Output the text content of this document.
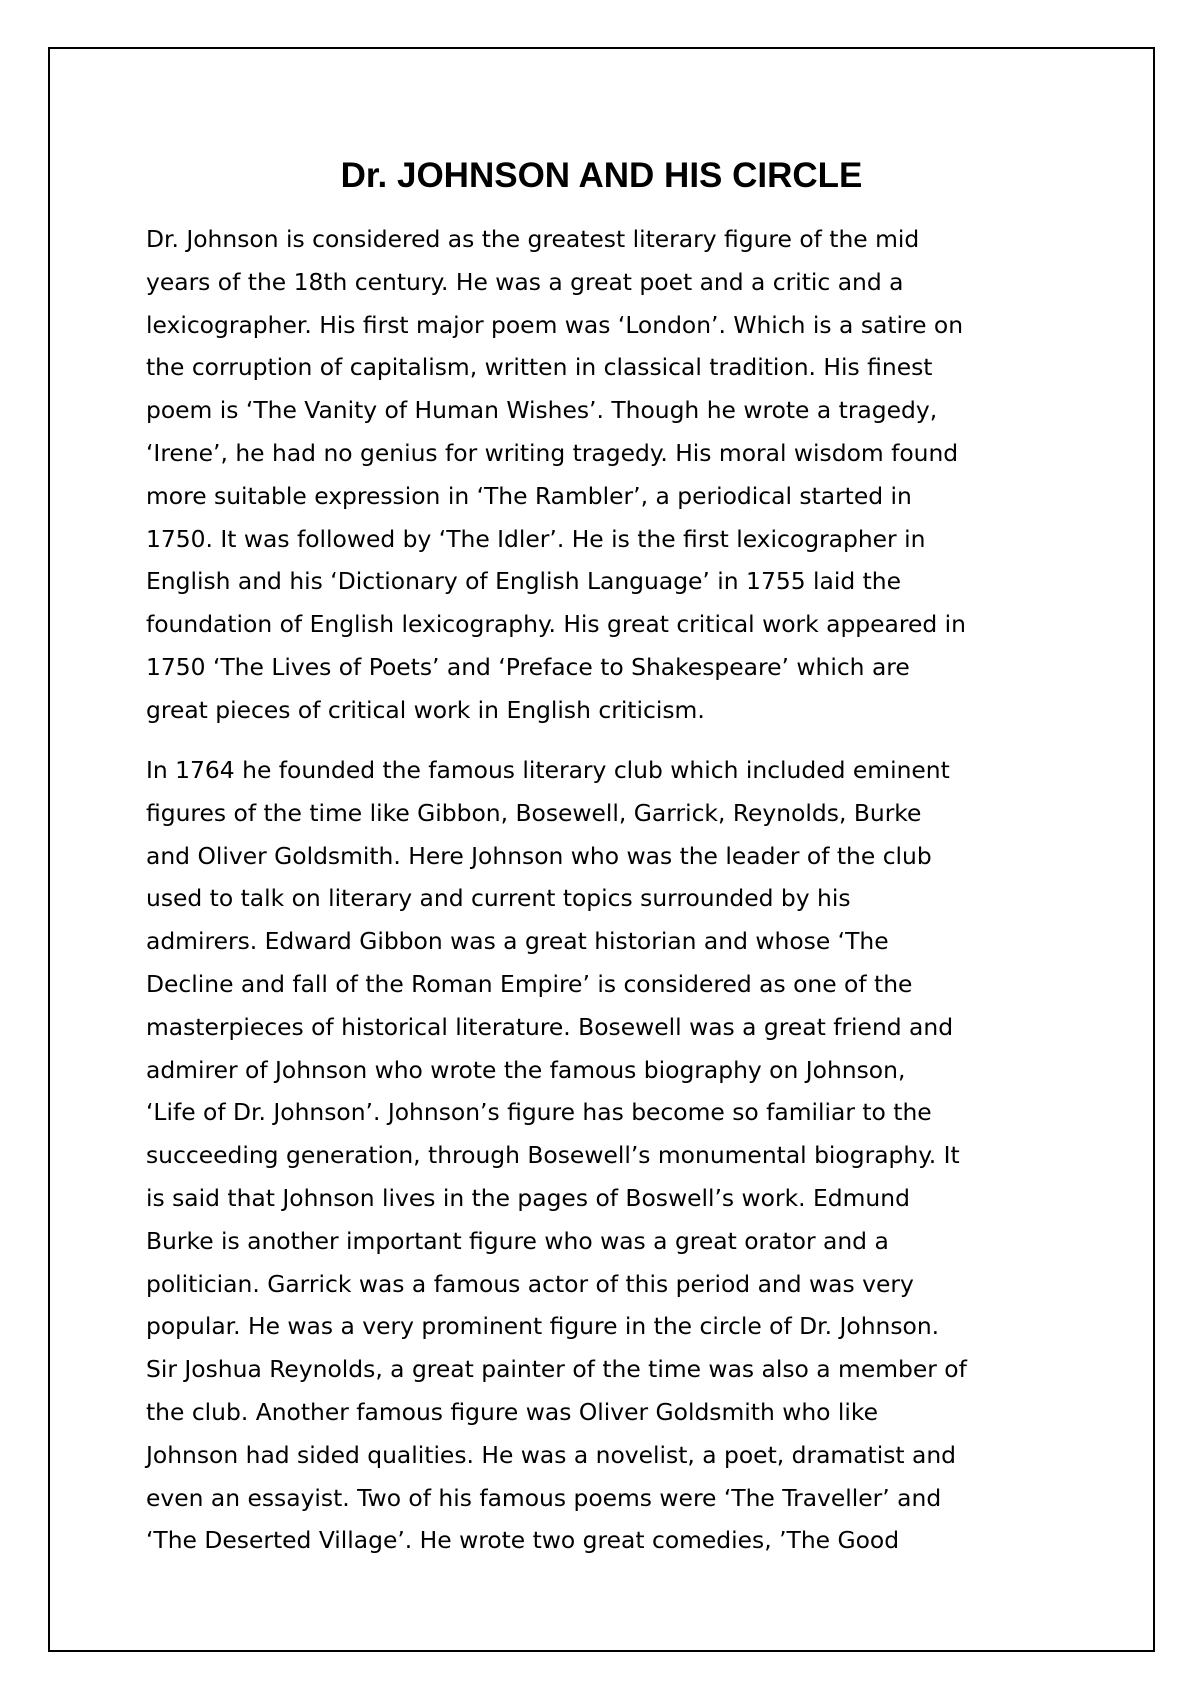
Dr. JOHNSON AND HIS CIRCLE
Dr. Johnson is considered as the greatest literary figure of the mid
years of the 18th century. He was a great poet and a critic and a
lexicographer. His first major poem was ‘London’. Which is a satire on
the corruption of capitalism, written in classical tradition. His finest
poem is ‘The Vanity of Human Wishes’. Though he wrote a tragedy,
‘Irene’, he had no genius for writing tragedy. His moral wisdom found
more suitable expression in ‘The Rambler’, a periodical started in
1750. It was followed by ‘The Idler’. He is the first lexicographer in
English and his ‘Dictionary of English Language’ in 1755 laid the
foundation of English lexicography. His great critical work appeared in
1750 ‘The Lives of Poets’ and ‘Preface to Shakespeare’ which are
great pieces of critical work in English criticism.
In 1764 he founded the famous literary club which included eminent
figures of the time like Gibbon, Bosewell, Garrick, Reynolds, Burke
and Oliver Goldsmith. Here Johnson who was the leader of the club
used to talk on literary and current topics surrounded by his
admirers. Edward Gibbon was a great historian and whose ‘The
Decline and fall of the Roman Empire’ is considered as one of the
masterpieces of historical literature. Bosewell was a great friend and
admirer of Johnson who wrote the famous biography on Johnson,
‘Life of Dr. Johnson’. Johnson’s figure has become so familiar to the
succeeding generation, through Bosewell’s monumental biography. It
is said that Johnson lives in the pages of Boswell’s work. Edmund
Burke is another important figure who was a great orator and a
politician. Garrick was a famous actor of this period and was very
popular. He was a very prominent figure in the circle of Dr. Johnson.
Sir Joshua Reynolds, a great painter of the time was also a member of
the club. Another famous figure was Oliver Goldsmith who like
Johnson had sided qualities. He was a novelist, a poet, dramatist and
even an essayist. Two of his famous poems were ‘The Traveller’ and
‘The Deserted Village’. He wrote two great comedies, ’The Good
